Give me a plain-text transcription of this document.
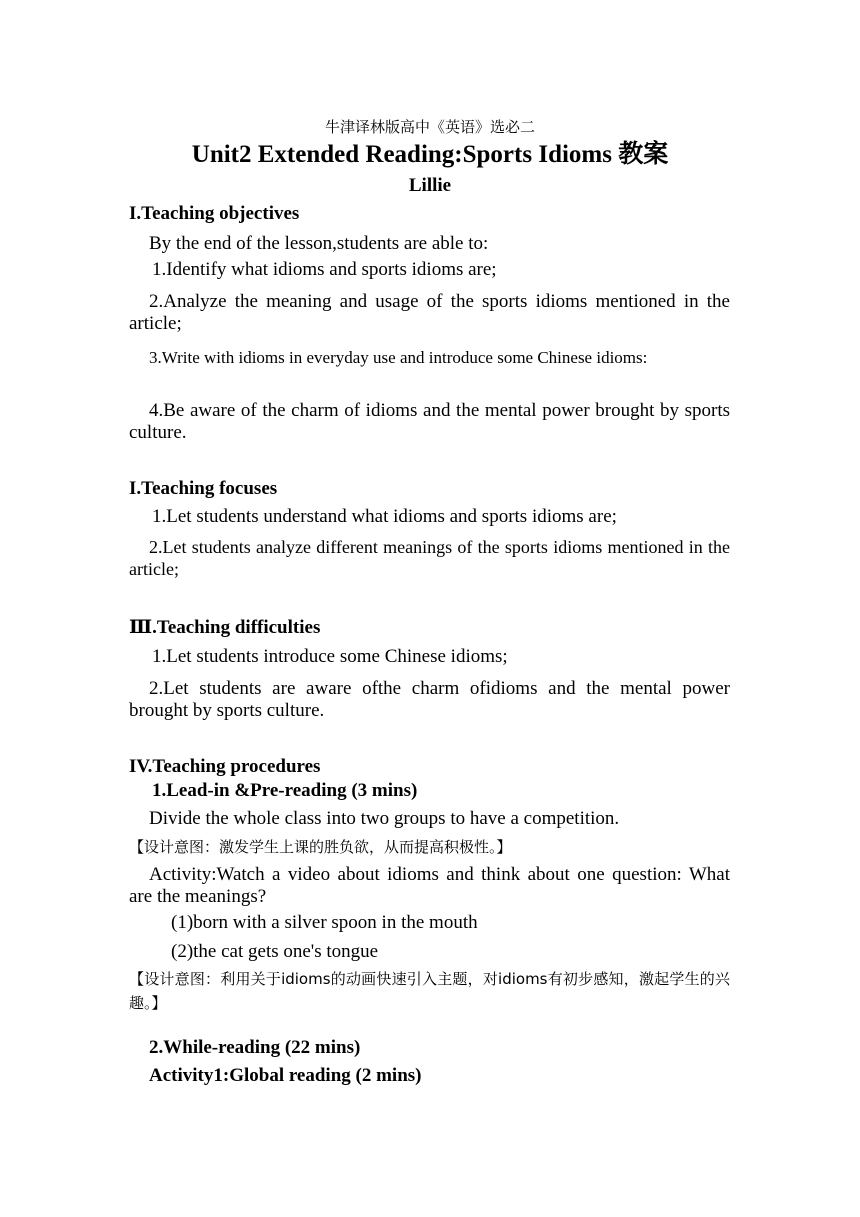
牛津译林版高中《英语》选必二
Unit2 Extended Reading:Sports Idioms 教案
Lillie
I.Teaching objectives
By the end of the lesson,students are able to:
1.Identify what idioms and sports idioms are;
2.Analyze the meaning and usage of the sports idioms mentioned in the article;
3.Write with idioms in everyday use and introduce some Chinese idioms:
4.Be aware of the charm of idioms and the mental power brought by sports culture.
I.Teaching focuses
1.Let students understand what idioms and sports idioms are;
2.Let students analyze different meanings of the sports idioms mentioned in the article;
Ⅲ.Teaching difficulties
1.Let students introduce some Chinese idioms;
2.Let students are aware ofthe charm ofidioms and the mental power brought by sports culture.
IV.Teaching procedures
1.Lead-in &Pre-reading (3 mins)
Divide the whole class into two groups to have a competition.
【设计意图：激发学生上课的胜负欲，从而提高积极性。】
Activity:Watch a video about idioms and think about one question: What are the meanings?
(1)born with a silver spoon in the mouth
(2)the cat gets one's tongue
【设计意图：利用关于idioms的动画快速引入主题，对idioms有初步感知，激起学生的兴趣。】
2.While-reading (22 mins)
Activity1:Global reading (2 mins)
